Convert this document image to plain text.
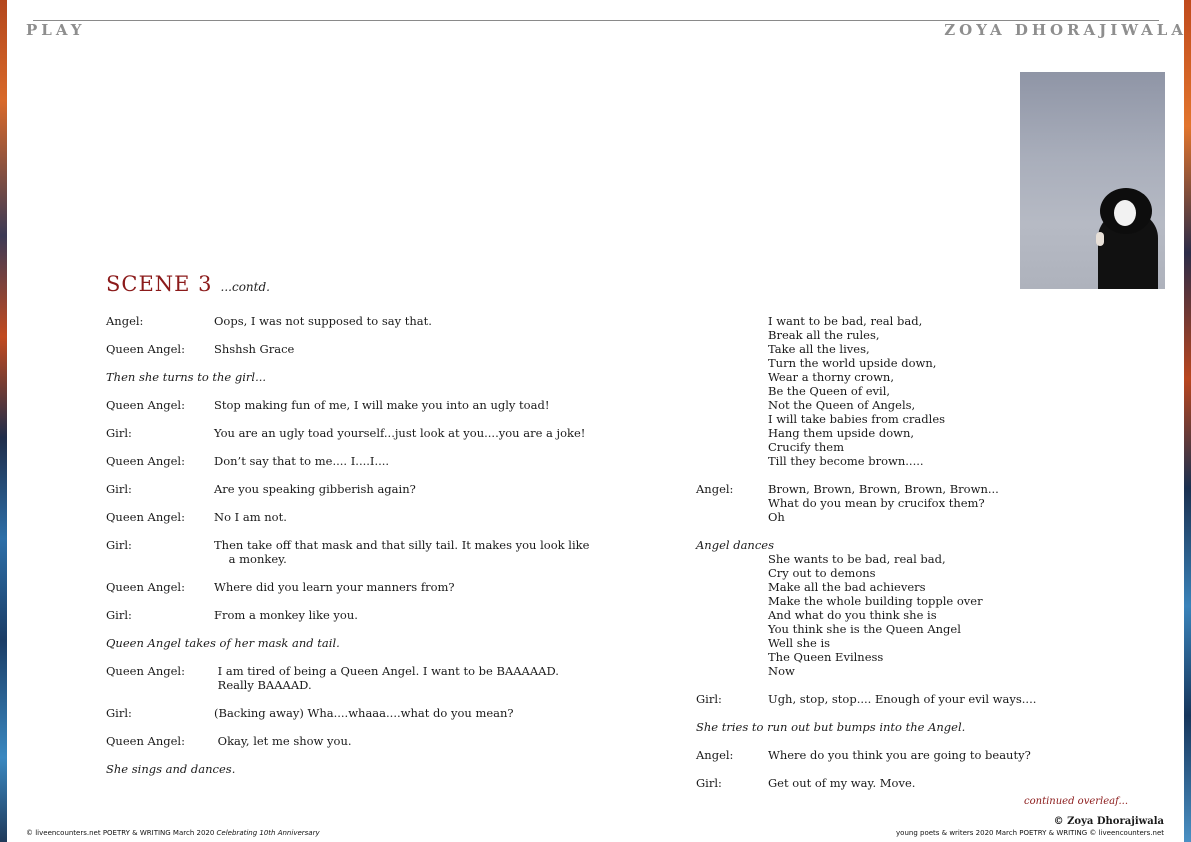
PLAY	ZOYA DHORAJIWALA
SCENE 3 ...contd.
Angel:	Oops, I was not supposed to say that.
Queen Angel:	Shshsh Grace
Then she turns to the girl...
Queen Angel:	Stop making fun of me, I will make you into an ugly toad!
Girl:	You are an ugly toad yourself...just look at you....you are a joke!
Queen Angel:	Don’t say that to me.... I....I....
Girl:	Are you speaking gibberish again?
Queen Angel:	No I am not.
Girl:	Then take off that mask and that silly tail. It makes you look like
a monkey.
Queen Angel:	Where did you learn your manners from?
Girl:	From a monkey like you.
Queen Angel takes of her mask and tail.
Queen Angel:	I am tired of being a Queen Angel. I want to be BAAAAAD.
Really BAAAAD.
Girl:	(Backing away) Wha....whaaa....what do you mean?
Queen Angel:	Okay, let me show you.
She sings and dances.
I want to be bad, real bad,
Break all the rules,
Take all the lives,
Turn the world upside down,
Wear a thorny crown,
Be the Queen of evil,
Not the Queen of Angels,
I will take babies from cradles
Hang them upside down,
Crucify them
Till they become brown.....
Angel:	Brown, Brown, Brown, Brown, Brown...
What do you mean by crucifox them?
Oh
Angel dances
She wants to be bad, real bad,
Cry out to demons
Make all the bad achievers
Make the whole building topple over
And what do you think she is
You think she is the Queen Angel
Well she is
The Queen Evilness
Now
Girl:	Ugh, stop, stop.... Enough of your evil ways....
She tries to run out but bumps into the Angel.
Angel:	Where do you think you are going to beauty?
Girl:	Get out of my way. Move.
continued overleaf...
© Zoya Dhorajiwala
© liveencounters.net POETRY & WRITING March 2020 Celebrating 10th Anniversary	young poets & writers 2020 March POETRY & WRITING © liveencounters.net
